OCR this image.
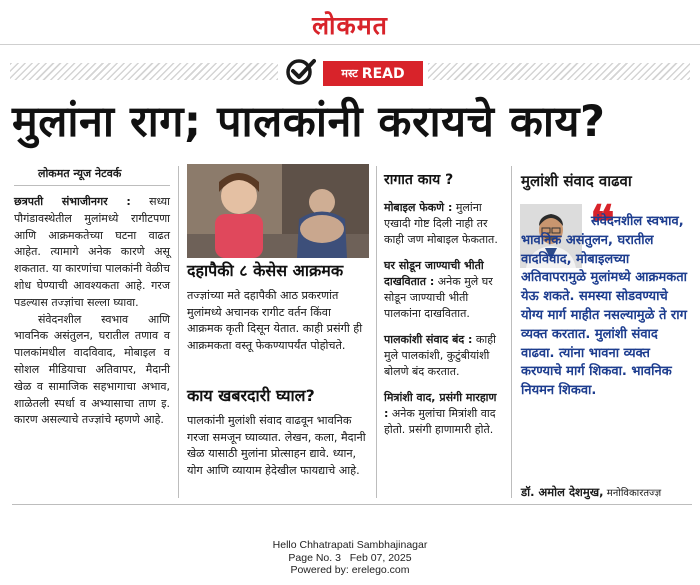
लोकमत
मस्ट READ
मुलांना राग; पालकांनी करायचे काय?
लोकमत न्यूज नेटवर्क

छत्रपती संभाजीनगर : सध्या पौगंडावस्थेतील मुलांमध्ये रागीटपणा आणि आक्रमकतेच्या घटना वाढत आहेत. त्यामागे अनेक कारणे असू शकतात. या कारणांचा पालकांनी वेळीच शोध घेण्याची आवश्यकता आहे. गरज पडल्यास तज्ज्ञांचा सल्ला घ्यावा.

संवेदनशील स्वभाव आणि भावनिक असंतुलन, घरातील तणाव व पालकांमधील वादविवाद, मोबाइल व सोशल मीडियाचा अतिवापर, मैदानी खेळ व सामाजिक सहभागाचा अभाव, शाळेतली स्पर्धा व अभ्यासाचा ताण इ. कारण असल्याचे तज्ज्ञांचे म्हणणे आहे.

दहापैकी ८ केसेस आक्रमक
तज्ज्ञांच्या मते दहापैकी आठ प्रकरणांत मुलांमध्ये अचानक रागीट वर्तन किंवा आक्रमक कृती दिसून येतात. काही प्रसंगी ही आक्रमकता वस्तू फेकण्यापर्यंत पोहोचते.
काय खबरदारी घ्याल?
पालकांनी मुलांशी संवाद वाढवून भावनिक गरजा समजून घ्याव्यात. लेखन, कला, मैदानी खेळ यासाठी मुलांना प्रोत्साहन द्यावे. ध्यान, योग आणि व्यायाम हेदेखील फायद्याचे आहे.
रागात काय ?
मोबाइल फेकणे : मुलांना एखादी गोष्ट दिली नाही तर काही जण मोबाइल फेकतात.
घर सोडून जाण्याची भीती दाखवितात : अनेक मुले घर सोडून जाण्याची भीती पालकांना दाखवितात.
पालकांशी संवाद बंद : काही मुले पालकांशी, कुटुंबीयांशी बोलणे बंद करतात.
मित्रांशी वाद, प्रसंगी मारहाण : अनेक मुलांचा मित्रांशी वाद होतो. प्रसंगी हाणामारी होते.
मुलांशी संवाद वाढवा
❝
संवेदनशील स्वभाव,
भावनिक असंतुलन, घरातील वादविवाद, मोबाइलच्या अतिवापरामुळे मुलांमध्ये आक्रमकता येऊ शकते. समस्या सोडवण्याचे योग्य मार्ग माहीत नसल्यामुळे ते राग व्यक्त करतात. मुलांशी संवाद वाढवा. त्यांना भावना व्यक्त करण्याचे मार्ग शिकवा. भावनिक नियमन शिकवा.
डॉ. अमोल देशमुख, मनोविकारतज्ज्ञ
Hello Chhatrapati Sambhajinagar
Page No. 3   Feb 07, 2025
Powered by: erelego.com
